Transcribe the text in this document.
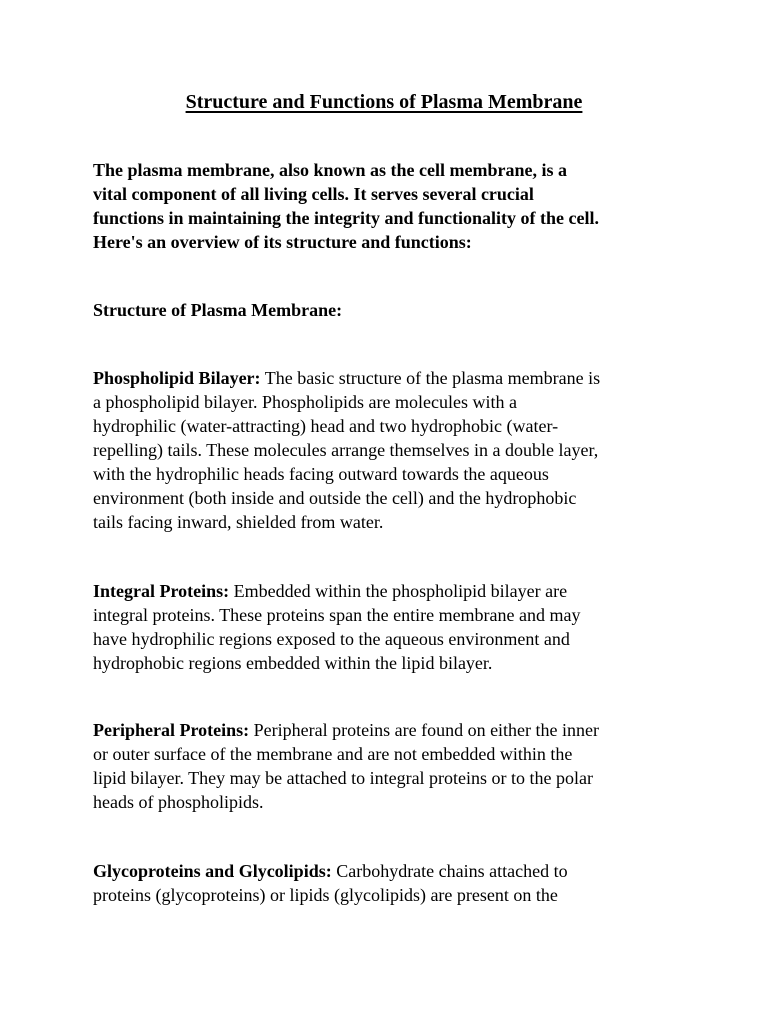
Structure and Functions of Plasma Membrane
The plasma membrane, also known as the cell membrane, is a
vital component of all living cells. It serves several crucial
functions in maintaining the integrity and functionality of the cell.
Here's an overview of its structure and functions:
Structure of Plasma Membrane:
Phospholipid Bilayer: The basic structure of the plasma membrane is
a phospholipid bilayer. Phospholipids are molecules with a
hydrophilic (water-attracting) head and two hydrophobic (water-
repelling) tails. These molecules arrange themselves in a double layer,
with the hydrophilic heads facing outward towards the aqueous
environment (both inside and outside the cell) and the hydrophobic
tails facing inward, shielded from water.
Integral Proteins: Embedded within the phospholipid bilayer are
integral proteins. These proteins span the entire membrane and may
have hydrophilic regions exposed to the aqueous environment and
hydrophobic regions embedded within the lipid bilayer.
Peripheral Proteins: Peripheral proteins are found on either the inner
or outer surface of the membrane and are not embedded within the
lipid bilayer. They may be attached to integral proteins or to the polar
heads of phospholipids.
Glycoproteins and Glycolipids: Carbohydrate chains attached to
proteins (glycoproteins) or lipids (glycolipids) are present on the
